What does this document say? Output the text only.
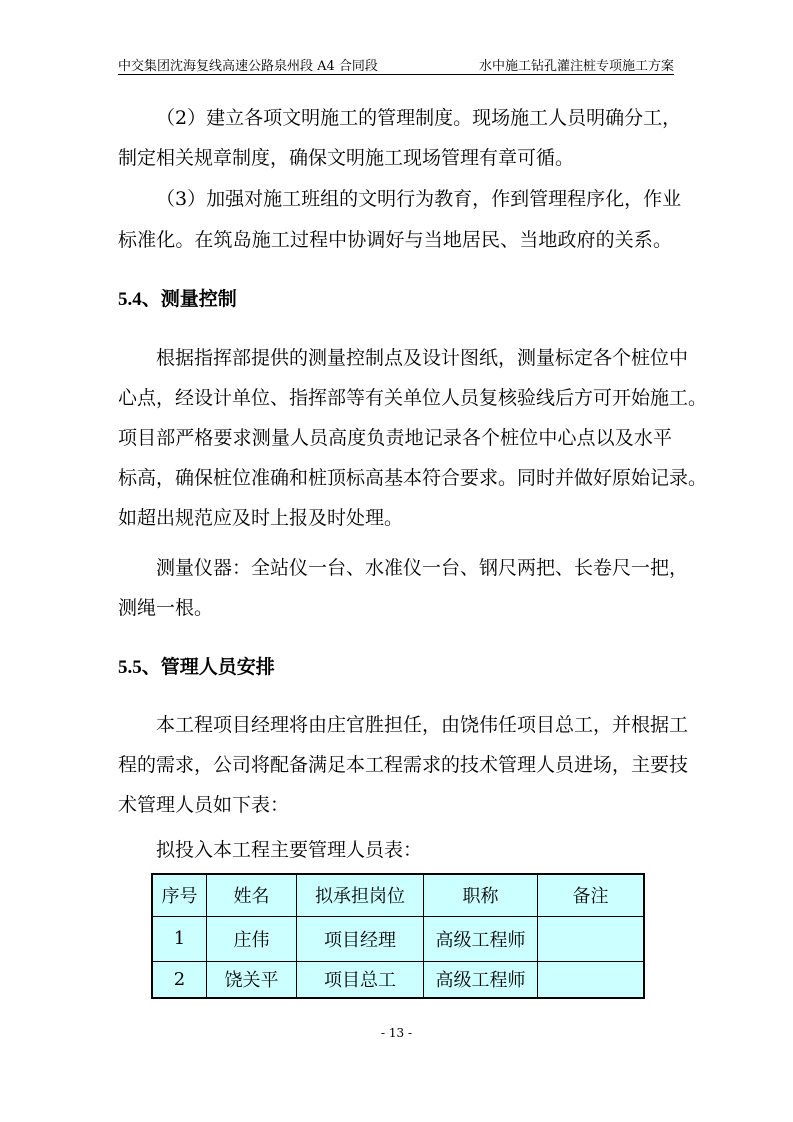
中交集团沈海复线高速公路泉州段 A4 合同段	水中施工钻孔灌注桩专项施工方案
（2）建立各项文明施工的管理制度。现场施工人员明确分工，
制定相关规章制度，确保文明施工现场管理有章可循。
（3）加强对施工班组的文明行为教育，作到管理程序化，作业
标准化。在筑岛施工过程中协调好与当地居民、当地政府的关系。
5.4、测量控制
根据指挥部提供的测量控制点及设计图纸，测量标定各个桩位中
心点，经设计单位、指挥部等有关单位人员复核验线后方可开始施工。
项目部严格要求测量人员高度负责地记录各个桩位中心点以及水平
标高，确保桩位准确和桩顶标高基本符合要求。同时并做好原始记录。
如超出规范应及时上报及时处理。
测量仪器：全站仪一台、水准仪一台、钢尺两把、长卷尺一把，
测绳一根。
5.5、管理人员安排
本工程项目经理将由庄官胜担任，由饶伟任项目总工，并根据工
程的需求，公司将配备满足本工程需求的技术管理人员进场，主要技
术管理人员如下表：
拟投入本工程主要管理人员表：
序号	姓名	拟承担岗位	职称	备注
1	庄伟	项目经理	高级工程师	
2	饶关平	项目总工	高级工程师	
- 13 -
